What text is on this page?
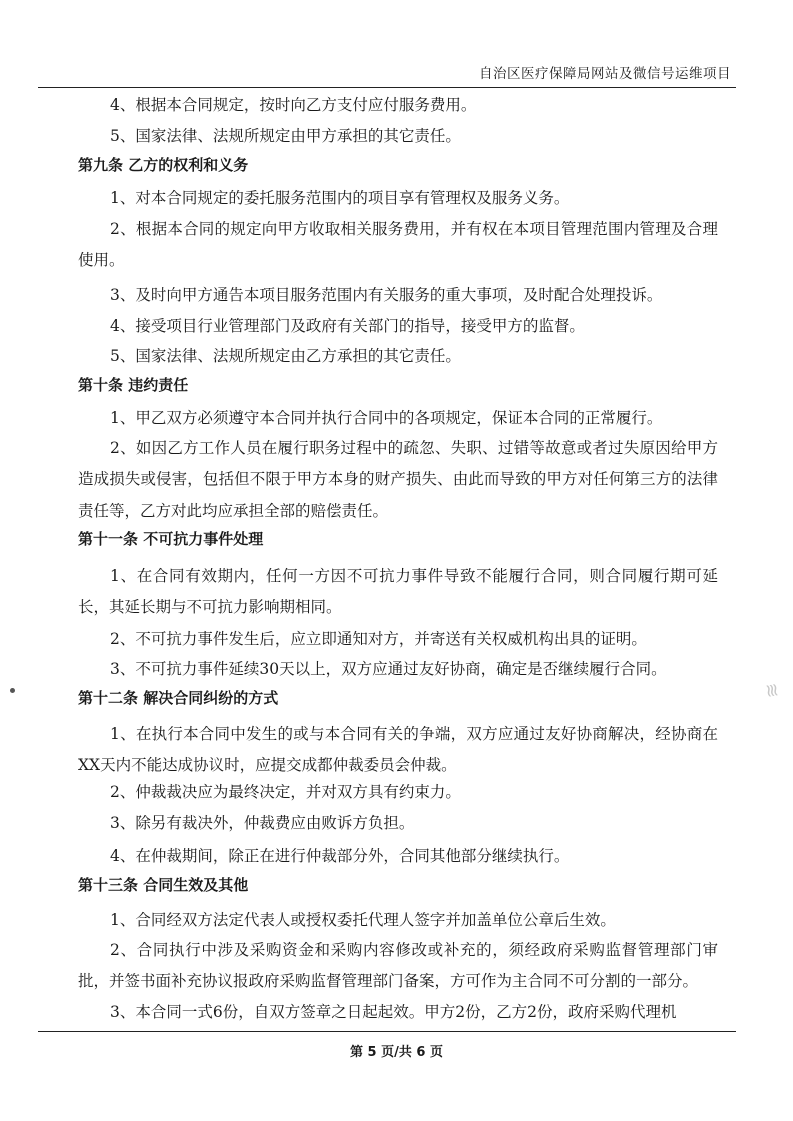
自治区医疗保障局网站及微信号运维项目
4、根据本合同规定，按时向乙方支付应付服务费用。
5、国家法律、法规所规定由甲方承担的其它责任。
第九条 乙方的权利和义务
1、对本合同规定的委托服务范围内的项目享有管理权及服务义务。
2、根据本合同的规定向甲方收取相关服务费用，并有权在本项目管理范围内管理及合理使用。
3、及时向甲方通告本项目服务范围内有关服务的重大事项，及时配合处理投诉。
4、接受项目行业管理部门及政府有关部门的指导，接受甲方的监督。
5、国家法律、法规所规定由乙方承担的其它责任。
第十条 违约责任
1、甲乙双方必须遵守本合同并执行合同中的各项规定，保证本合同的正常履行。
2、如因乙方工作人员在履行职务过程中的疏忽、失职、过错等故意或者过失原因给甲方造成损失或侵害，包括但不限于甲方本身的财产损失、由此而导致的甲方对任何第三方的法律责任等，乙方对此均应承担全部的赔偿责任。
第十一条 不可抗力事件处理
1、在合同有效期内，任何一方因不可抗力事件导致不能履行合同，则合同履行期可延长，其延长期与不可抗力影响期相同。
2、不可抗力事件发生后，应立即通知对方，并寄送有关权威机构出具的证明。
3、不可抗力事件延续30天以上，双方应通过友好协商，确定是否继续履行合同。
第十二条 解决合同纠纷的方式
1、在执行本合同中发生的或与本合同有关的争端，双方应通过友好协商解决，经协商在XX天内不能达成协议时，应提交成都仲裁委员会仲裁。
2、仲裁裁决应为最终决定，并对双方具有约束力。
3、除另有裁决外，仲裁费应由败诉方负担。
4、在仲裁期间，除正在进行仲裁部分外，合同其他部分继续执行。
第十三条 合同生效及其他
1、合同经双方法定代表人或授权委托代理人签字并加盖单位公章后生效。
2、合同执行中涉及采购资金和采购内容修改或补充的，须经政府采购监督管理部门审批，并签书面补充协议报政府采购监督管理部门备案，方可作为主合同不可分割的一部分。
3、本合同一式6份，自双方签章之日起起效。甲方2份，乙方2份，政府采购代理机
第 5 页/共 6 页
≋
